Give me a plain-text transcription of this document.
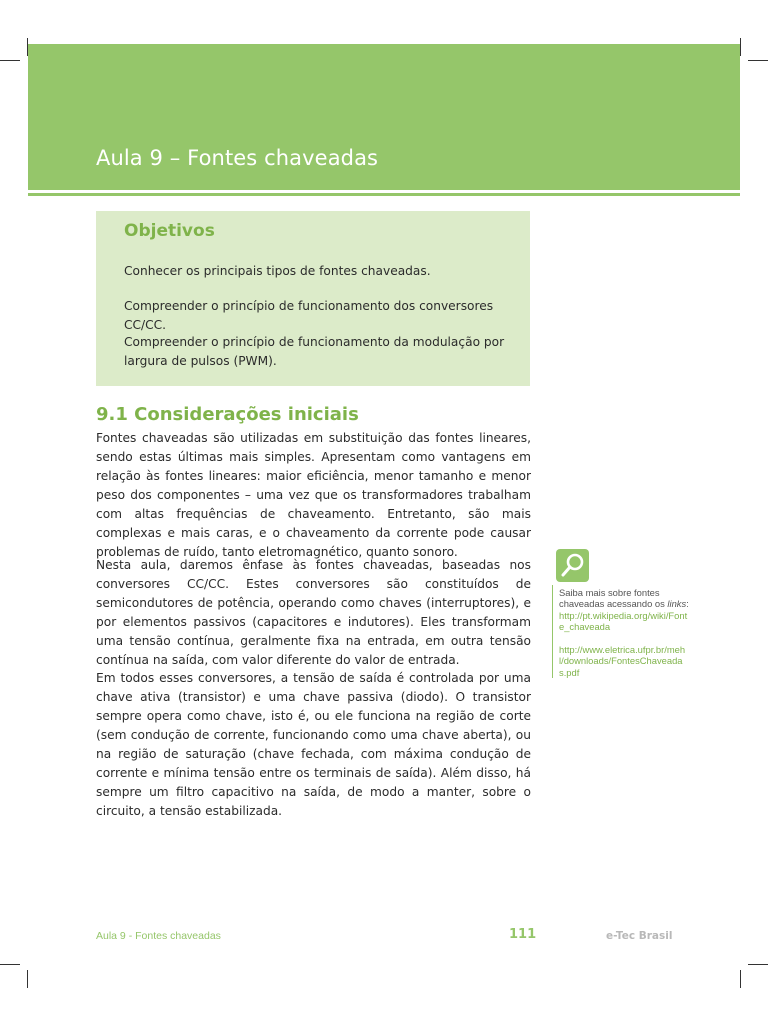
Aula 9 – Fontes chaveadas
Objetivos
Conhecer os principais tipos de fontes chaveadas.
Compreender o princípio de funcionamento dos conversores CC/CC.
Compreender o princípio de funcionamento da modulação por largura de pulsos (PWM).
9.1 Considerações iniciais
Fontes chaveadas são utilizadas em substituição das fontes lineares, sendo estas últimas mais simples. Apresentam como vantagens em relação às fontes lineares: maior eficiência, menor tamanho e menor peso dos componentes – uma vez que os transformadores trabalham com altas frequências de chaveamento. Entretanto, são mais complexas e mais caras, e o chaveamento da corrente pode causar problemas de ruído, tanto eletromagnético, quanto sonoro.
Nesta aula, daremos ênfase às fontes chaveadas, baseadas nos conversores CC/CC. Estes conversores são constituídos de semicondutores de potência, operando como chaves (interruptores), e por elementos passivos (capacitores e indutores). Eles transformam uma tensão contínua, geralmente fixa na entrada, em outra tensão contínua na saída, com valor diferente do valor de entrada.
Em todos esses conversores, a tensão de saída é controlada por uma chave ativa (transistor) e uma chave passiva (diodo). O transistor sempre opera como chave, isto é, ou ele funciona na região de corte (sem condução de corrente, funcionando como uma chave aberta), ou na região de saturação (chave fechada, com máxima condução de corrente e mínima tensão entre os terminais de saída). Além disso, há sempre um filtro capacitivo na saída, de modo a manter, sobre o circuito, a tensão estabilizada.
Saiba mais sobre fontes chaveadas acessando os links: http://pt.wikipedia.org/wiki/Fonte_chaveada
http://www.eletrica.ufpr.br/mehl/downloads/FontesChaveadas.pdf
Aula 9 - Fontes chaveadas	111	e-Tec Brasil
